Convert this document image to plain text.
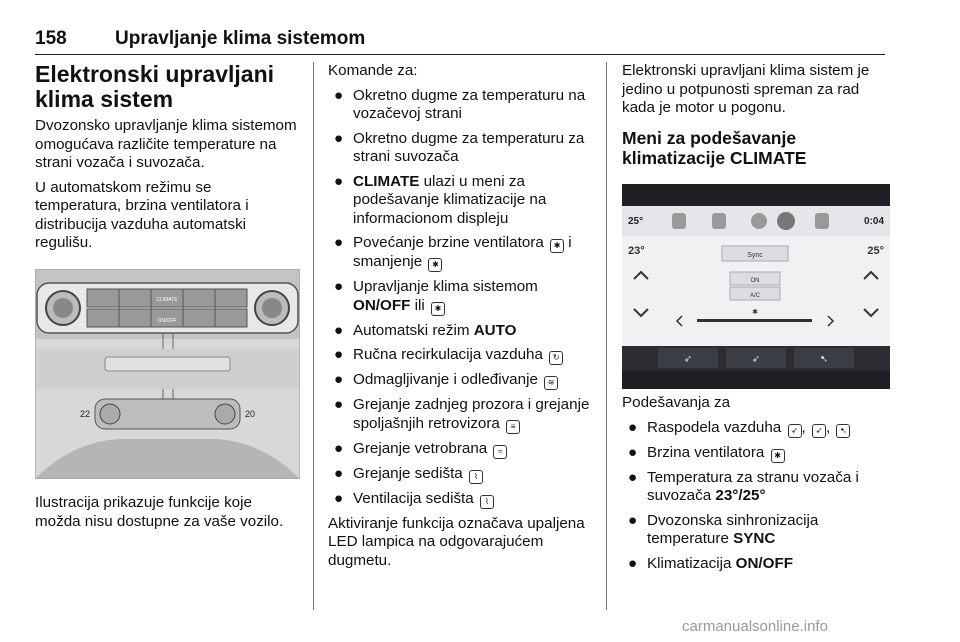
158	Upravljanje klima sistemom
Elektronski upravljani klima sistem

Dvozonsko upravljanje klima sistemom omogućava različite temperature na strani vozača i suvozača.

U automatskom režimu se temperatura, brzina ventilatora i distribucija vazduha automatski regulišu.

CLIMATE
ON/OFF
22	20

Ilustracija prikazuje funkcije koje možda nisu dostupne za vaše vozilo.

Komande za:

● Okretno dugme za temperaturu na vozačevoj strani
● Okretno dugme za temperaturu za strani suvozača
● CLIMATE ulazi u meni za podešavanje klimatizacije na informacionom displeju
● Povećanje brzine ventilatora ✱ i smanjenje ✱
● Upravljanje klima sistemom ON/OFF ili ✱
● Automatski režim AUTO
● Ručna recirkulacija vazduha ↻
● Odmagljivanje i odleđivanje ≋
● Grejanje zadnjeg prozora i grejanje spoljašnjih retrovizora ≡
● Grejanje vetrobrana ≈
● Grejanje sedišta ⌇
● Ventilacija sedišta ⌇

Aktiviranje funkcija označava upaljena LED lampica na odgovarajućem dugmetu.

Elektronski upravljani klima sistem je jedino u potpunosti spreman za rad kada je motor u pogonu.

Meni za podešavanje klimatizacije CLIMATE
25°	0:04
23°	25°
Sync
ON
A/C
✱
➶	➶	➷

Podešavanja za

● Raspodela vazduha ➶ , ➶ , ➷
● Brzina ventilatora ✱
● Temperatura za stranu vozača i suvozača 23°/25°
● Dvozonska sinhronizacija temperature SYNC
● Klimatizacija ON/OFF
carmanualsonline.info
